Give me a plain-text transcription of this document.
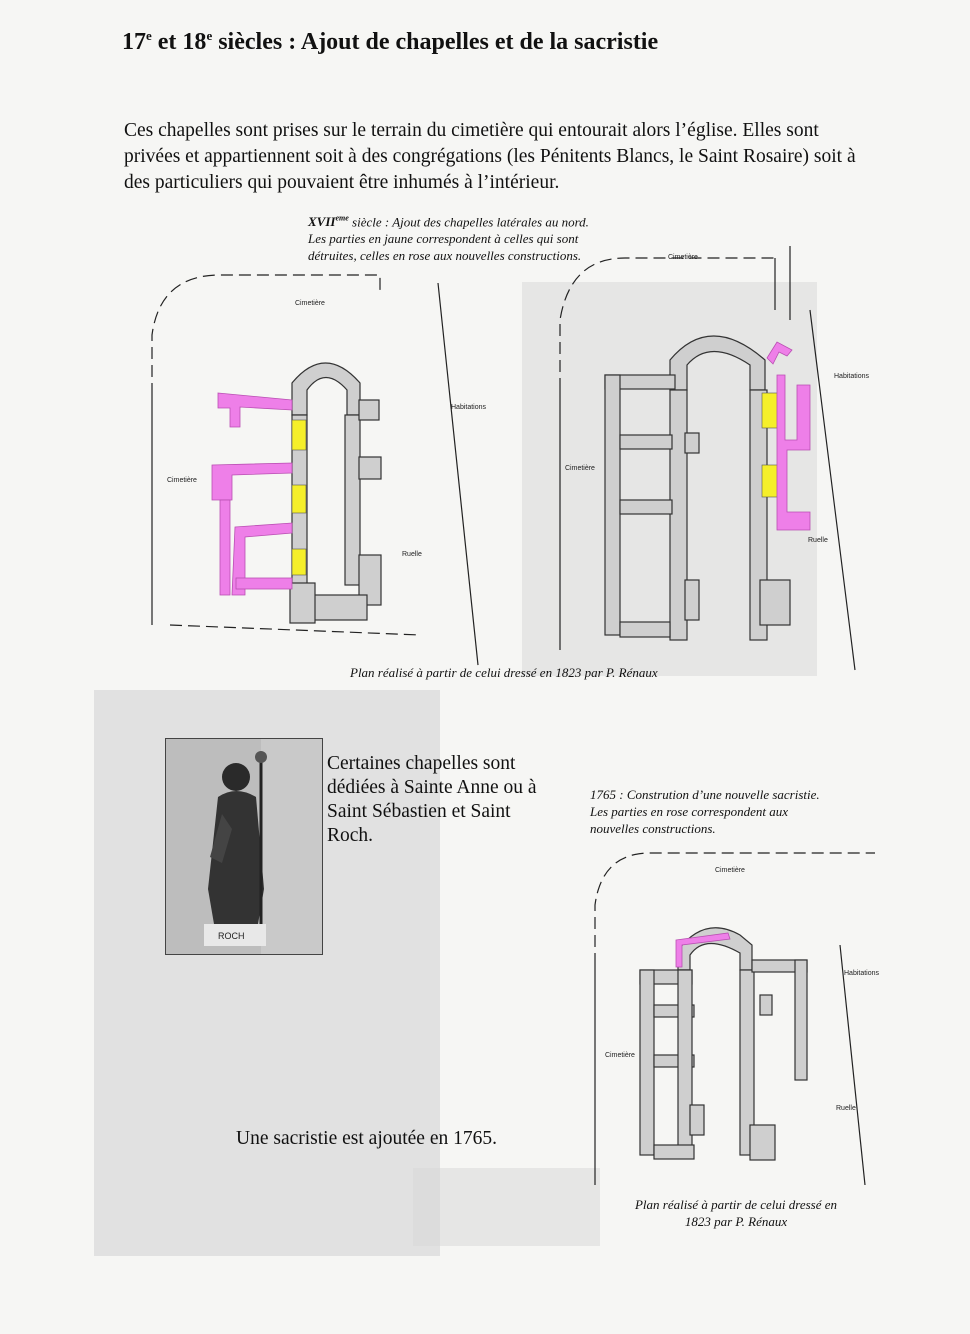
17e et 18e siècles : Ajout de chapelles et de la sacristie
Ces chapelles sont prises sur le terrain du cimetière qui entourait alors l’église. Elles sont privées et appartiennent soit à des congrégations (les Pénitents Blancs, le Saint Rosaire) soit à des particuliers qui pouvaient être inhumés à l’intérieur.
XVIIeme siècle : Ajout des chapelles latérales au nord.
Les parties en jaune correspondent à celles qui sont
détruites, celles en rose aux nouvelles constructions.
Cimetière
Cimetière
Habitations
Ruelle
Cimetière
Cimetière
Habitations
Ruelle
Plan réalisé à partir de celui dressé en 1823 par P. Rénaux
ROCH
Certaines chapelles sont dédiées à Sainte Anne ou à Saint Sébastien et Saint Roch.
1765 : Constrution d’une nouvelle sacristie.
Les parties en rose correspondent aux
nouvelles constructions.
Cimetière
Cimetière
Habitations
Ruelle
Une sacristie est ajoutée en 1765.
Plan réalisé à partir de celui dressé en
1823 par P. Rénaux
